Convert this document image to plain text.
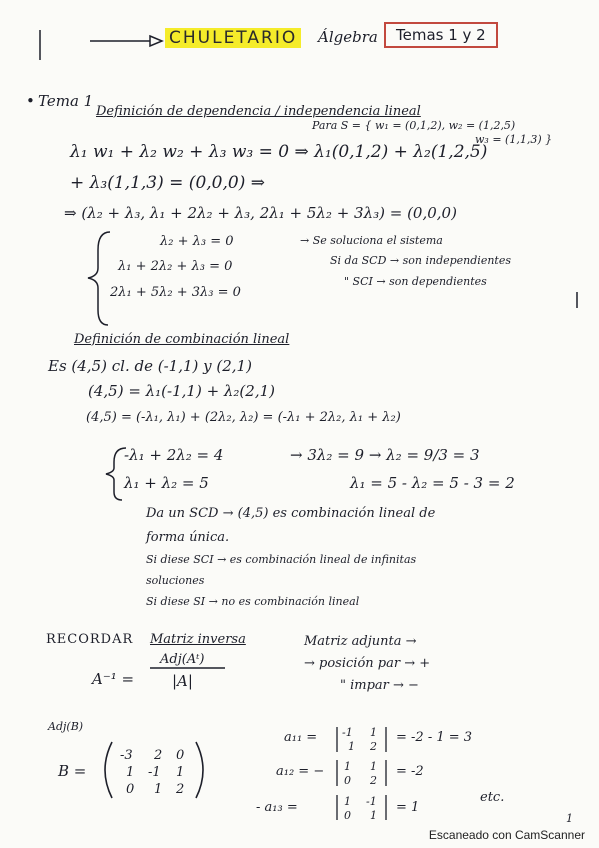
CHULETARIO Álgebra	Temas 1 y 2
• Tema 1
Definición de dependencia / independencia lineal
Para S = { w₁ = (0,1,2), w₂ = (1,2,5)
w₃ = (1,1,3) }
λ₁ w₁ + λ₂ w₂ + λ₃ w₃ = 0 ⇒ λ₁(0,1,2) + λ₂(1,2,5)
+ λ₃(1,1,3) = (0,0,0) ⇒
⇒ (λ₂ + λ₃, λ₁ + 2λ₂ + λ₃, 2λ₁ + 5λ₂ + 3λ₃) = (0,0,0)
λ₂ + λ₃ = 0
λ₁ + 2λ₂ + λ₃ = 0
2λ₁ + 5λ₂ + 3λ₃ = 0
→ Se soluciona el sistema
Si da SCD → son independientes
" SCI → son dependientes
Definición de combinación lineal
Es (4,5) cl. de (-1,1) y (2,1)
(4,5) = λ₁(-1,1) + λ₂(2,1)
(4,5) = (-λ₁, λ₁) + (2λ₂, λ₂) = (-λ₁ + 2λ₂, λ₁ + λ₂)
-λ₁ + 2λ₂ = 4
λ₁ + λ₂ = 5
→ 3λ₂ = 9 → λ₂ = 9/3 = 3
λ₁ = 5 - λ₂ = 5 - 3 = 2
Da un SCD → (4,5) es combinación lineal de
forma única.
Si diese SCI → es combinación lineal de infinitas
soluciones
Si diese SI → no es combinación lineal
RECORDAR Matriz inversa
Adj(Aᵗ)
A⁻¹ =	|A|
Matriz adjunta →
→ posición par → +
" impar → −
Adj(B)
B =
-3 2 0
1 -1 1
0 1 2
a₁₁ = -1 1
1 2
= -2 - 1 = 3
a₁₂ = − 1 1
0 2
= -2
- a₁₃ =	1 -1
0 1
= 1
etc.
1
Escaneado con CamScanner
